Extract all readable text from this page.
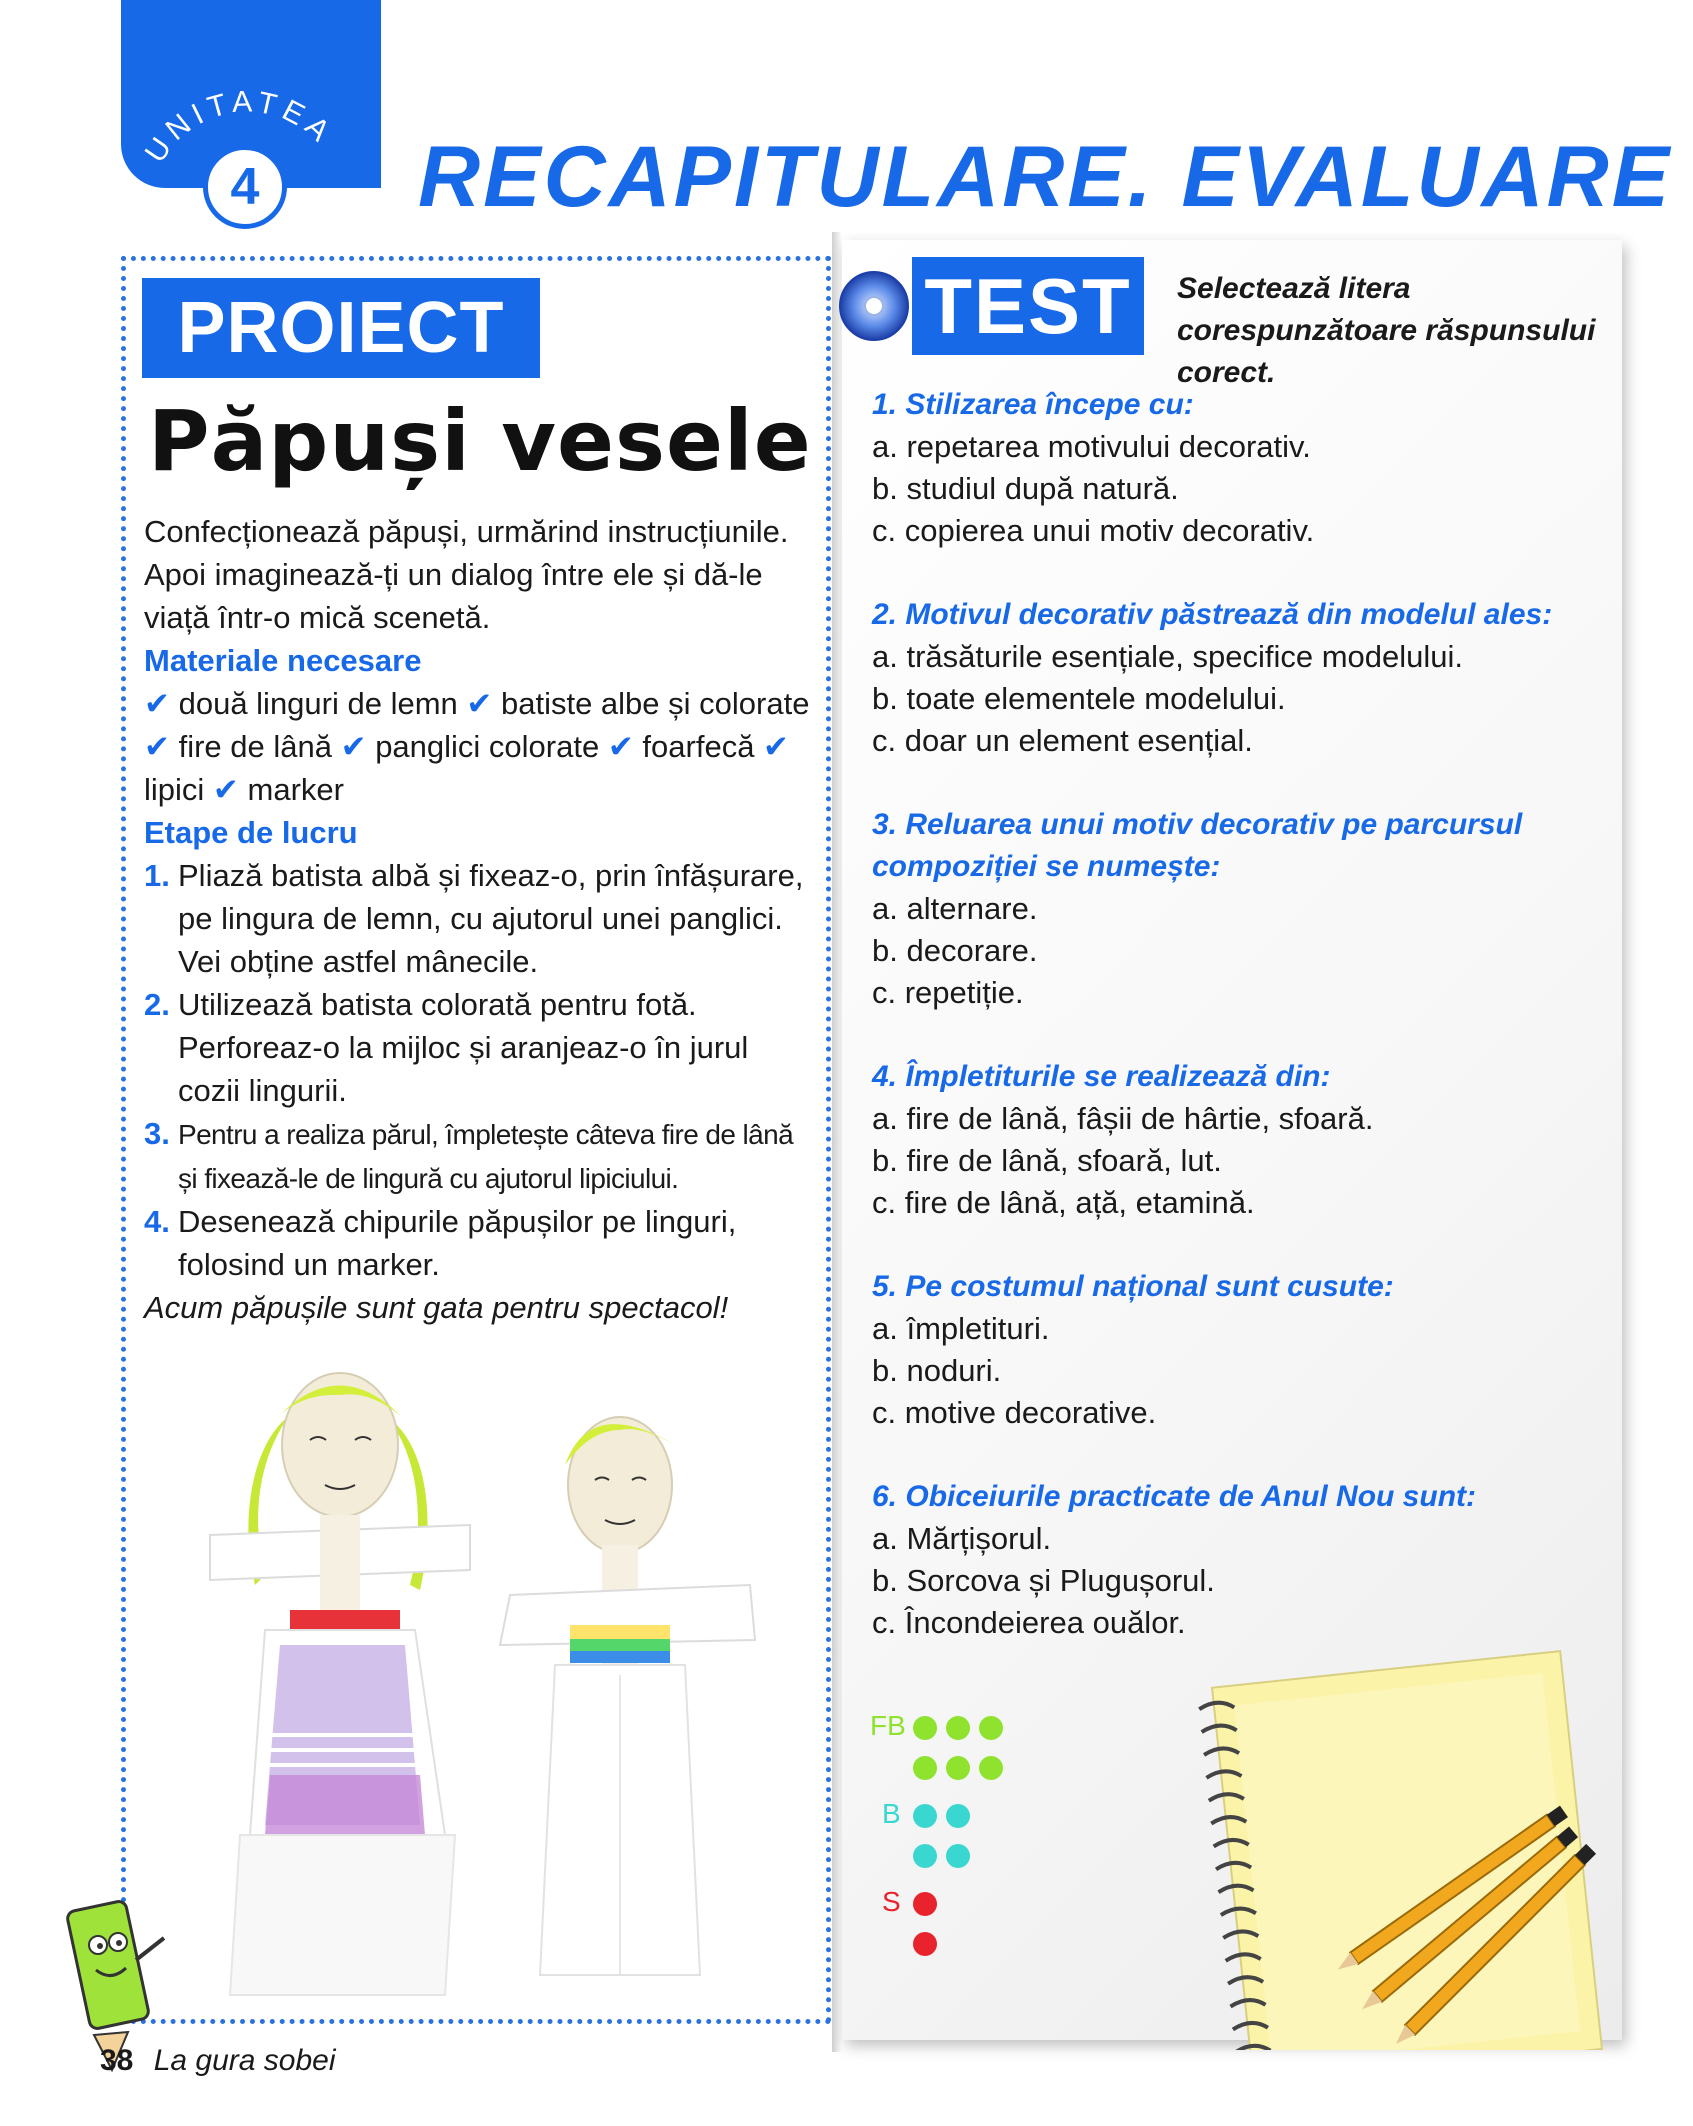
UNITATEA
4	RECAPITULARE. EVALUARE
PROIECT
Păpuși vesele
Confecționează păpuși, urmărind instrucțiunile. Apoi imaginează-ți un dialog între ele și dă-le viață într-o mică scenetă.
Materiale necesare
✔ două linguri de lemn ✔ batiste albe și colorate ✔ fire de lână ✔ panglici colorate ✔ foarfecă ✔ lipici ✔ marker
Etape de lucru
1. Pliază batista albă și fixeaz-o, prin înfășurare, pe lingura de lemn, cu ajutorul unei panglici. Vei obține astfel mânecile.
2. Utilizează batista colorată pentru fotă. Perforeaz-o la mijloc și aranjeaz-o în jurul cozii lingurii.
3. Pentru a realiza părul, împletește câteva fire de lână și fixează-le de lingură cu ajutorul lipiciului.
4. Desenează chipurile păpușilor pe linguri, folosind un marker.
Acum păpușile sunt gata pentru spectacol!
38 La gura sobei
TEST	Selectează litera corespunzătoare răspunsului corect.
1. Stilizarea începe cu:
a. repetarea motivului decorativ.
b. studiul după natură.
c. copierea unui motiv decorativ.
2. Motivul decorativ păstrează din modelul ales:
a. trăsăturile esențiale, specifice modelului.
b. toate elementele modelului.
c. doar un element esențial.
3. Reluarea unui motiv decorativ pe parcursul compoziției se numește:
a. alternare.
b. decorare.
c. repetiție.
4. Împletiturile se realizează din:
a. fire de lână, fâșii de hârtie, sfoară.
b. fire de lână, sfoară, lut.
c. fire de lână, ață, etamină.
5. Pe costumul național sunt cusute:
a. împletituri.
b. noduri.
c. motive decorative.
6. Obiceiurile practicate de Anul Nou sunt:
a. Mărțișorul.
b. Sorcova și Plugușorul.
c. Încondeierea ouălor.
FB
B
S
